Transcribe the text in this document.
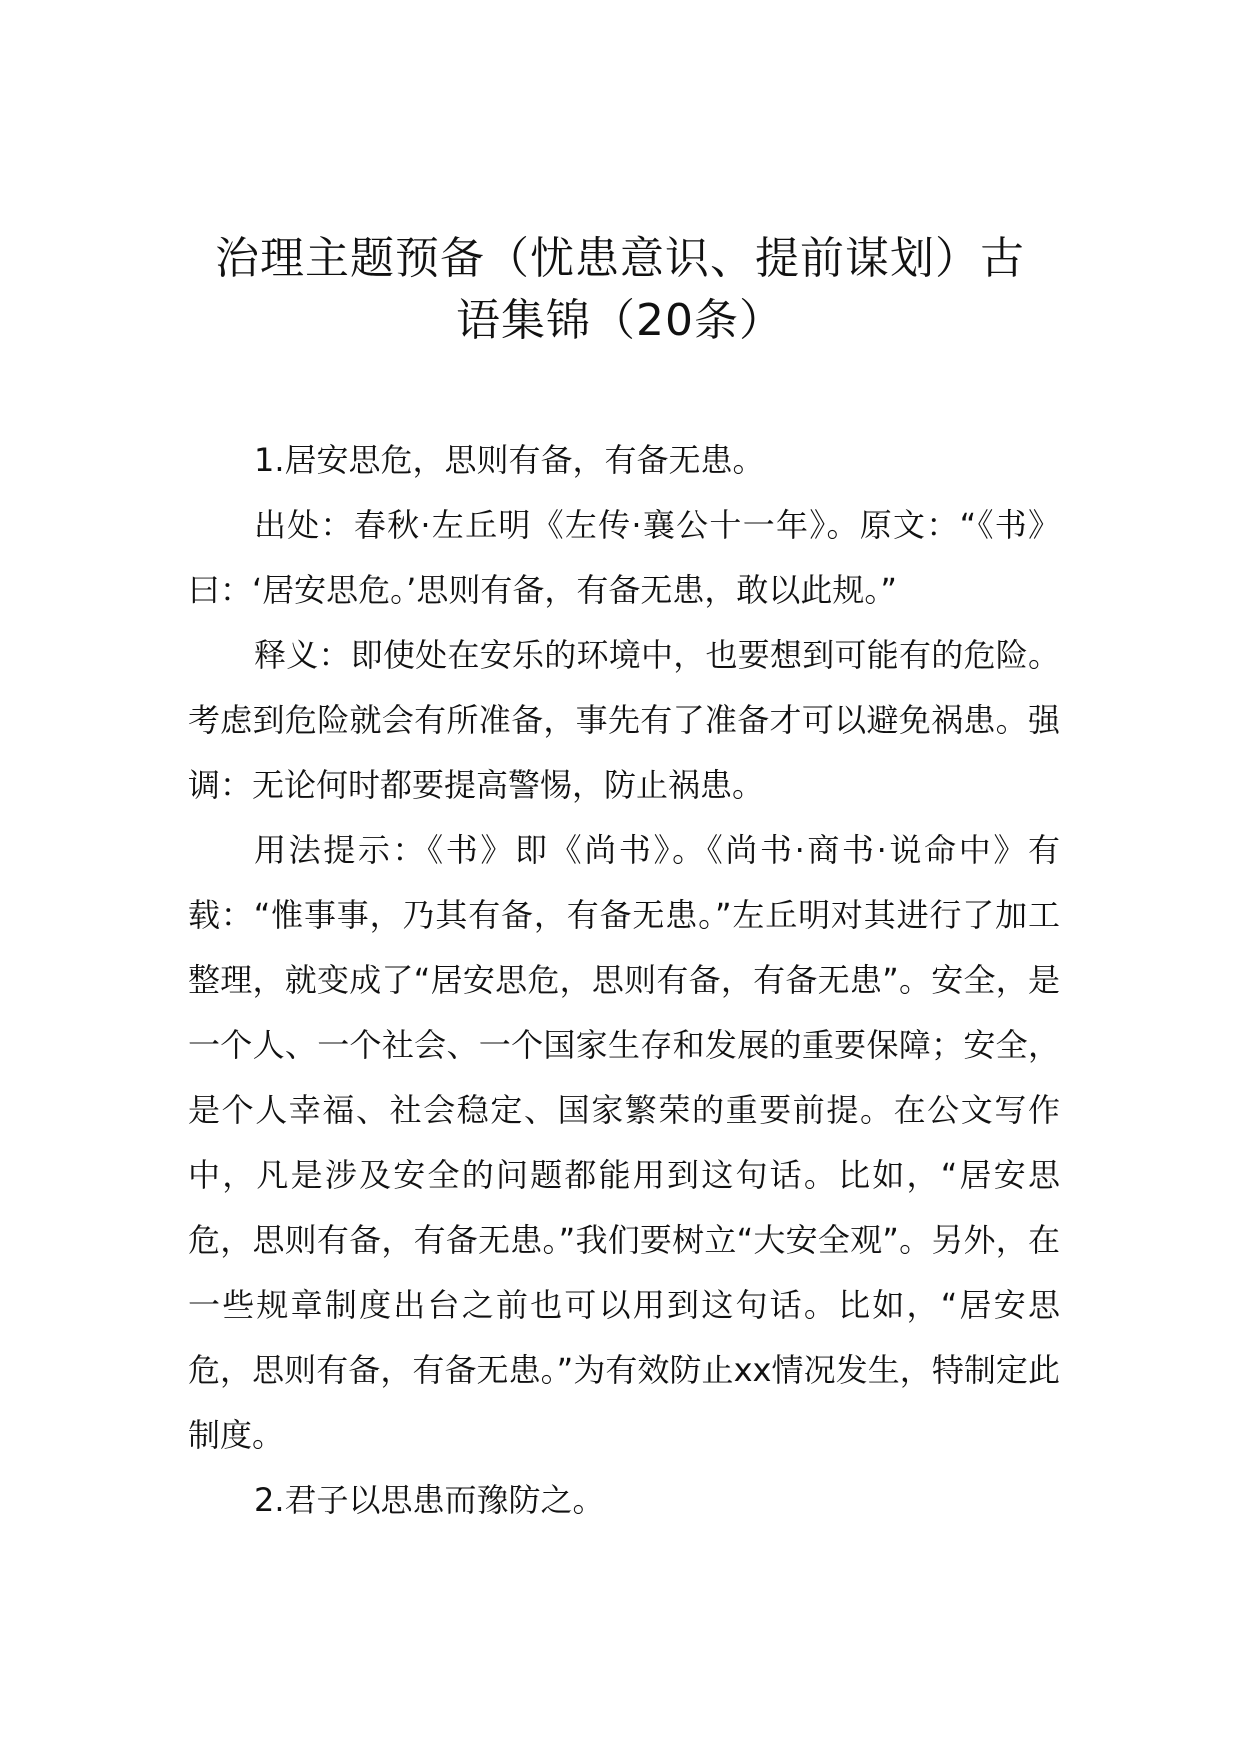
治理主题预备（忧患意识、提前谋划）古
语集锦（20条）

1.居安思危，思则有备，有备无患。

出处：春秋·左丘明《左传·襄公十一年》。原文：“《书》曰：‘居安思危。’思则有备，有备无患，敢以此规。”

释义：即使处在安乐的环境中，也要想到可能有的危险。考虑到危险就会有所准备，事先有了准备才可以避免祸患。强调：无论何时都要提高警惕，防止祸患。

用法提示：《书》即《尚书》。《尚书·商书·说命中》有载：“惟事事，乃其有备，有备无患。”左丘明对其进行了加工整理，就变成了“居安思危，思则有备，有备无患”。安全，是一个人、一个社会、一个国家生存和发展的重要保障；安全，是个人幸福、社会稳定、国家繁荣的重要前提。在公文写作中，凡是涉及安全的问题都能用到这句话。比如，“居安思危，思则有备，有备无患。”我们要树立“大安全观”。另外，在一些规章制度出台之前也可以用到这句话。比如，“居安思危，思则有备，有备无患。”为有效防止xx情况发生，特制定此制度。

2.君子以思患而豫防之。
